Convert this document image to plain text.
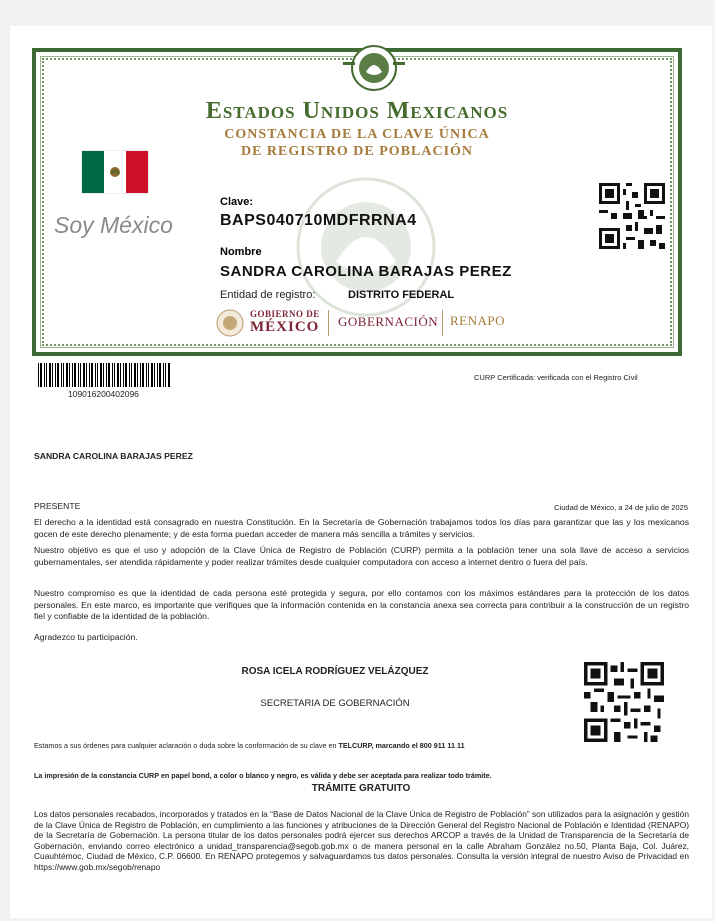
Estados Unidos Mexicanos
CONSTANCIA DE LA CLAVE ÚNICA
DE REGISTRO DE POBLACIÓN
Soy México
Clave:
BAPS040710MDFRRNA4
Nombre
SANDRA CAROLINA BARAJAS PEREZ
Entidad de registro:	DISTRITO FEDERAL
GOBIERNO DE
MÉXICO GOBERNACIÓN RENAPO
109016200402096
CURP Certificada: verificada con el Registro Civil
SANDRA CAROLINA BARAJAS PEREZ
PRESENTE	Ciudad de México, a 24 de julio de 2025
El derecho a la identidad está consagrado en nuestra Constitución. En la Secretaría de Gobernación trabajamos todos los días para garantizar que las y los mexicanos gocen de este derecho plenamente; y de esta forma puedan acceder de manera más sencilla a trámites y servicios.
Nuestro objetivo es que el uso y adopción de la Clave Única de Registro de Población (CURP) permita a la población tener una sola llave de acceso a servicios gubernamentales, ser atendida rápidamente y poder realizar trámites desde cualquier computadora con acceso a internet dentro o fuera del país.
Nuestro compromiso es que la identidad de cada persona esté protegida y segura, por ello contamos con los máximos estándares para la protección de los datos personales. En este marco, es importante que verifiques que la información contenida en la constancia anexa sea correcta para contribuir a la construcción de un registro fiel y confiable de la identidad de la población.
Agradezco tu participación.
ROSA ICELA RODRÍGUEZ VELÁZQUEZ
SECRETARIA DE GOBERNACIÓN
Estamos a sus órdenes para cualquier aclaración o duda sobre la conformación de su clave en TELCURP, marcando el 800 911 11 11
La impresión de la constancia CURP en papel bond, a color o blanco y negro, es válida y debe ser aceptada para realizar todo trámite.
TRÁMITE GRATUITO
Los datos personales recabados, incorporados y tratados en la “Base de Datos Nacional de la Clave Única de Registro de Población” son utilizados para la asignación y gestión de la Clave Única de Registro de Población, en cumplimiento a las funciones y atribuciones de la Dirección General del Registro Nacional de Población e Identidad (RENAPO) de la Secretaría de Gobernación. La persona titular de los datos personales podrá ejercer sus derechos ARCOP a través de la Unidad de Transparencia de la Secretaría de Gobernación, enviando correo electrónico a unidad_transparencia@segob.gob.mx o de manera personal en la calle Abraham González no.50, Planta Baja, Col. Juárez, Cuauhtémoc, Ciudad de México, C.P. 06600. En RENAPO protegemos y salvaguardamos tus datos personales. Consulta la versión integral de nuestro Aviso de Privacidad en https://www.gob.mx/segob/renapo
